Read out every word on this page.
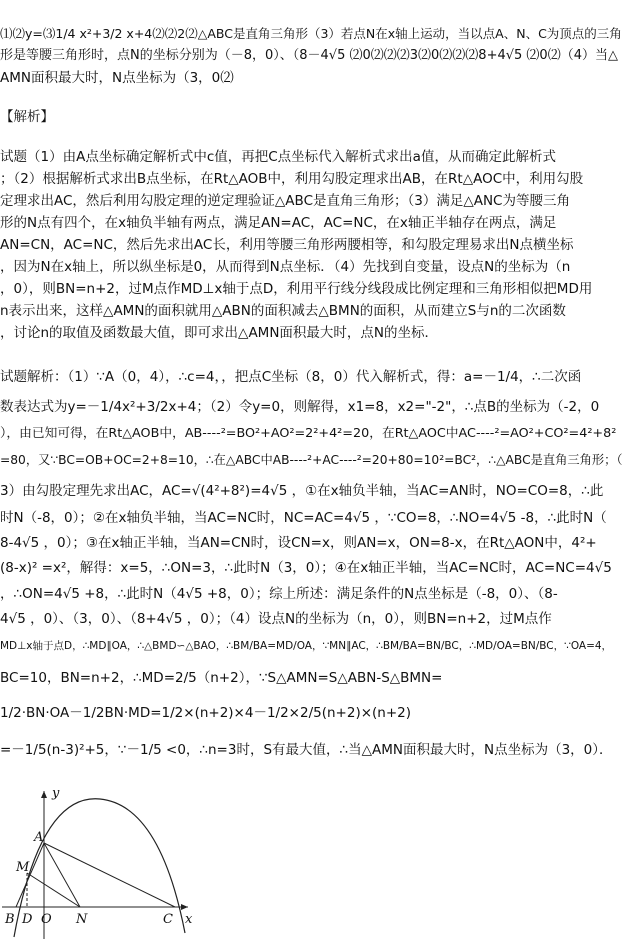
⑴⑵y=⑶1/4 x²+3/2 x+4⑵⑵2⑵△ABC是直角三角形（3）若点N在x轴上运动，当以点A、N、C为顶点的三角
形是等腰三角形时，点N的坐标分别为（－8，0）、（8－4√5 ⑵0⑵⑵⑵3⑵0⑵⑵⑵8+4√5 ⑵0⑵（4）当△
AMN面积最大时，N点坐标为（3，0⑵
【解析】
试题（1）由A点坐标确定解析式中c值，再把C点坐标代入解析式求出a值，从而确定此解析式
；（2）根据解析式求出B点坐标，在Rt△AOB中，利用勾股定理求出AB，在Rt△AOC中，利用勾股
定理求出AC，然后利用勾股定理的逆定理验证△ABC是直角三角形；（3）满足△ANC为等腰三角
形的N点有四个，在x轴负半轴有两点，满足AN=AC，AC=NC，在x轴正半轴存在两点，满足
AN=CN，AC=NC，然后先求出AC长，利用等腰三角形两腰相等，和勾股定理易求出N点横坐标
，因为N在x轴上，所以纵坐标是0，从而得到N点坐标．（4）先找到自变量，设点N的坐标为（n
，0），则BN=n+2，过M点作MD⊥x轴于点D，利用平行线分线段成比例定理和三角形相似把MD用
n表示出来，这样△AMN的面积就用△ABN的面积减去△BMN的面积，从而建立S与n的二次函数
，讨论n的取值及函数最大值，即可求出△AMN面积最大时，点N的坐标．
试题解析：（1）∵A（0，4），∴c=4，，把点C坐标（8，0）代入解析式，得：a=－1/4，∴二次函
数表达式为y=－1/4x²+3/2x+4；（2）令y=0，则解得，x1=8，x2="-2"，∴点B的坐标为（-2，0
），由已知可得，在Rt△AOB中，AB----²=BO²+AO²=2²+4²=20，在Rt△AOC中AC----²=AO²+CO²=4²+8²
=80，又∵BC=OB+OC=2+8=10，∴在△ABC中AB----²+AC----²=20+80=10²=BC²，∴△ABC是直角三角形；（
3）由勾股定理先求出AC，AC=√(4²+8²)=4√5 ，①在x轴负半轴，当AC=AN时，NO=CO=8，∴此
时N（-8，0）；②在x轴负半轴，当AC=NC时，NC=AC=4√5 ，∵CO=8，∴NO=4√5 -8，∴此时N（
8-4√5 ，0）；③在x轴正半轴，当AN=CN时，设CN=x，则AN=x，ON=8-x，在Rt△AON中，4²+
(8-x)² =x²，解得：x=5，∴ON=3，∴此时N（3，0）；④在x轴正半轴，当AC=NC时，AC=NC=4√5
，∴ON=4√5 +8，∴此时N（4√5 +8，0）；综上所述：满足条件的N点坐标是（-8，0）、（8-
4√5 ，0）、（3，0）、（8+4√5 ，0）；（4）设点N的坐标为（n，0），则BN=n+2，过M点作
MD⊥x轴于点D，∴MD∥OA，∴△BMD∽△BAO，∴BM/BA=MD/OA，∵MN∥AC，∴BM/BA=BN/BC，∴MD/OA=BN/BC，∵OA=4，
BC=10，BN=n+2，∴MD=2/5（n+2），∵S△AMN=S△ABN-S△BMN=
1/2·BN·OA－1/2BN·MD=1/2×(n+2)×4－1/2×2/5(n+2)×(n+2)
=－1/5(n-3)²+5，∵－1/5 <0，∴n=3时，S有最大值，∴当△AMN面积最大时，N点坐标为（3，0）．
y
x
A
M
B D O N	C
